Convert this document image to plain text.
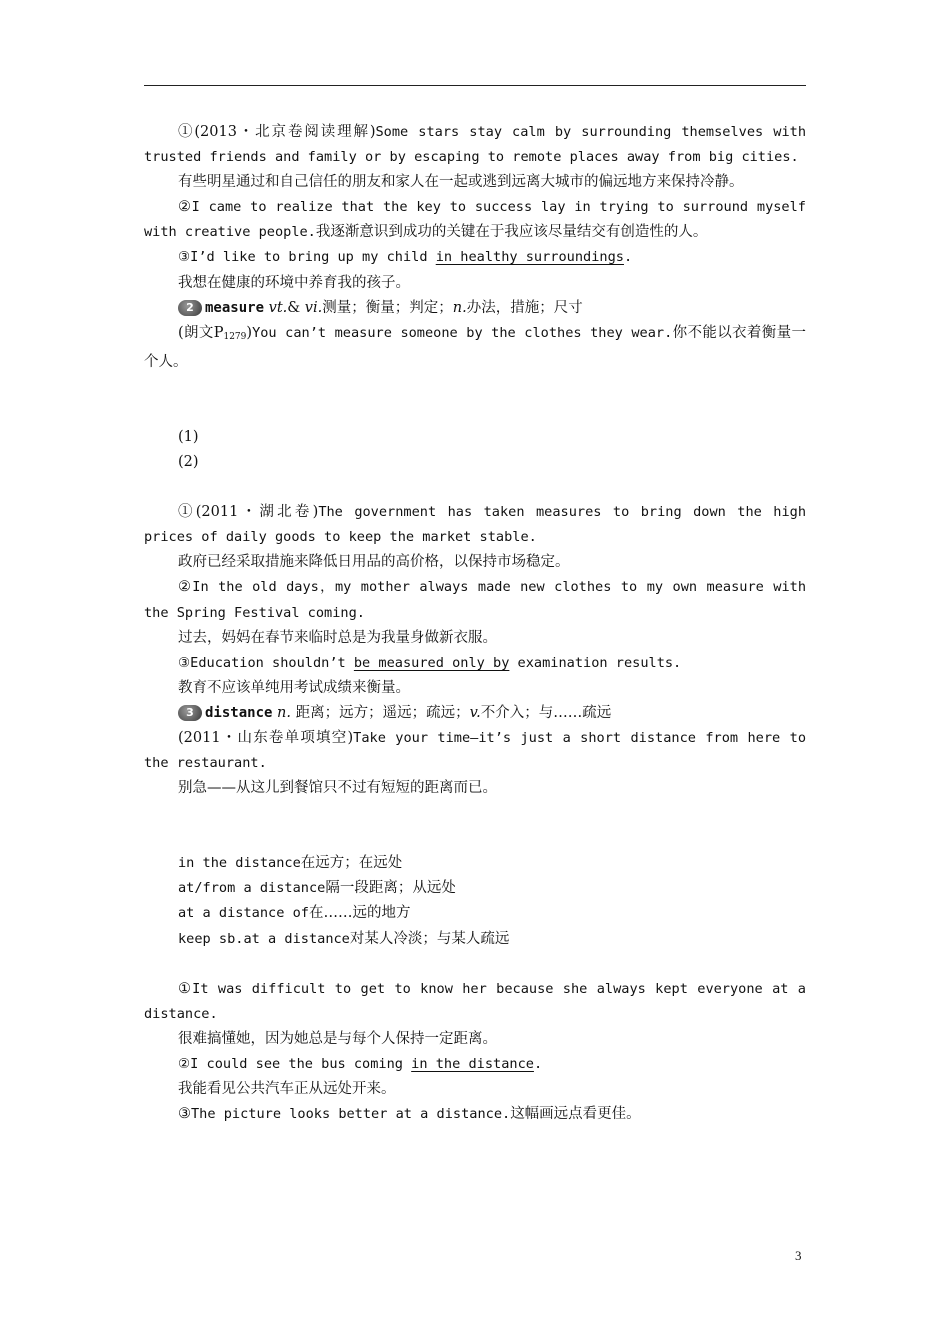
①(2013・北京卷阅读理解)Some stars stay calm by surrounding themselves with trusted friends and family or by escaping to remote places away from big cities.

有些明星通过和自己信任的朋友和家人在一起或逃到远离大城市的偏远地方来保持冷静。

②I came to realize that the key to success lay in trying to surround myself with creative people.我逐渐意识到成功的关键在于我应该尽量结交有创造性的人。

③I’d like to bring up my child in healthy surroundings.

我想在健康的环境中养育我的孩子。

2 measure vt.& vi.测量；衡量；判定；n.办法，措施；尺寸

(朗文$P_{1279})You$ can’t measure someone by the clothes they wear.你不能以衣着衡量一个人。

(1)

(2)

①(2011・湖北卷)The government has taken measures to bring down the high prices of daily goods to keep the market stable.

政府已经采取措施来降低日用品的高价格，以保持市场稳定。

②In the old days，my mother always made new clothes to my own measure with the Spring Festival coming.

过去，妈妈在春节来临时总是为我量身做新衣服。

③Education shouldn’t be measured only by examination results.

教育不应该单纯用考试成绩来衡量。

3 distance n. 距离；远方；遥远；疏远；v.不介入；与……疏远

(2011・山东卷单项填空)Take your time—it’s just a short distance from here to the restaurant.

别急——从这儿到餐馆只不过有短短的距离而已。

in the distance在远方；在远处

at/from a distance隔一段距离；从远处

at a distance of在……远的地方

keep sb.at a distance对某人冷淡；与某人疏远

①It was difficult to get to know her because she always kept everyone at a distance.

很难搞懂她，因为她总是与每个人保持一定距离。

②I could see the bus coming in the distance.

我能看见公共汽车正从远处开来。

③The picture looks better at a distance.这幅画远点看更佳。

3
